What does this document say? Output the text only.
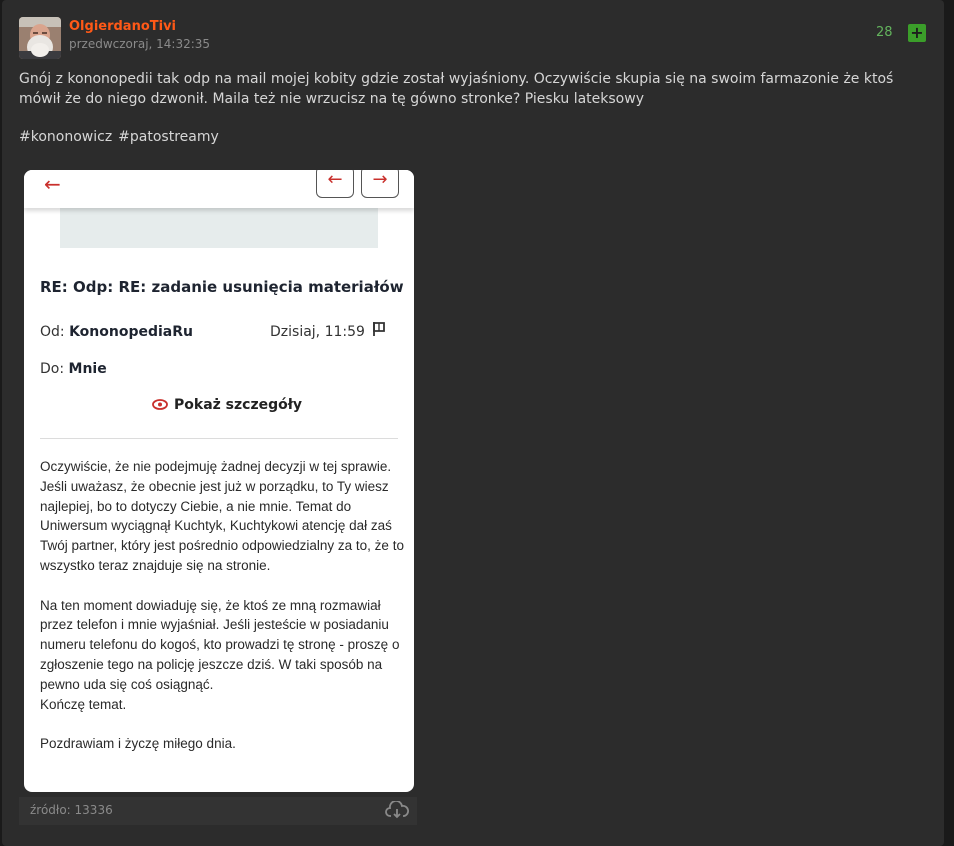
OlgierdanoTivi
przedwczoraj, 14:32:35
28 +
Gnój z kononopedii tak odp na mail mojej kobity gdzie został wyjaśniony. Oczywiście skupia się na swoim farmazonie że ktoś mówił że do niego dzwonił. Maila też nie wrzucisz na tę gówno stronke? Piesku lateksowy
#kononowicz #patostreamy
←	←	→
RE: Odp: RE: zadanie usunięcia materiałów
Od: KononopediaRu	Dzisiaj, 11:59
Do: Mnie
Pokaż szczegóły

Oczywiście, że nie podejmuję żadnej decyzji w tej sprawie. Jeśli uważasz, że obecnie jest już w porządku, to Ty wiesz najlepiej, bo to dotyczy Ciebie, a nie mnie. Temat do Uniwersum wyciągnął Kuchtyk, Kuchtykowi atencję dał zaś Twój partner, który jest pośrednio odpowiedzialny za to, że to wszystko teraz znajduje się na stronie.

Na ten moment dowiaduję się, że ktoś ze mną rozmawiał przez telefon i mnie wyjaśniał. Jeśli jesteście w posiadaniu numeru telefonu do kogoś, kto prowadzi tę stronę - proszę o zgłoszenie tego na policję jeszcze dziś. W taki sposób na pewno uda się coś osiągnąć.
Kończę temat.

Pozdrawiam i życzę miłego dnia.

źródło: 13336
